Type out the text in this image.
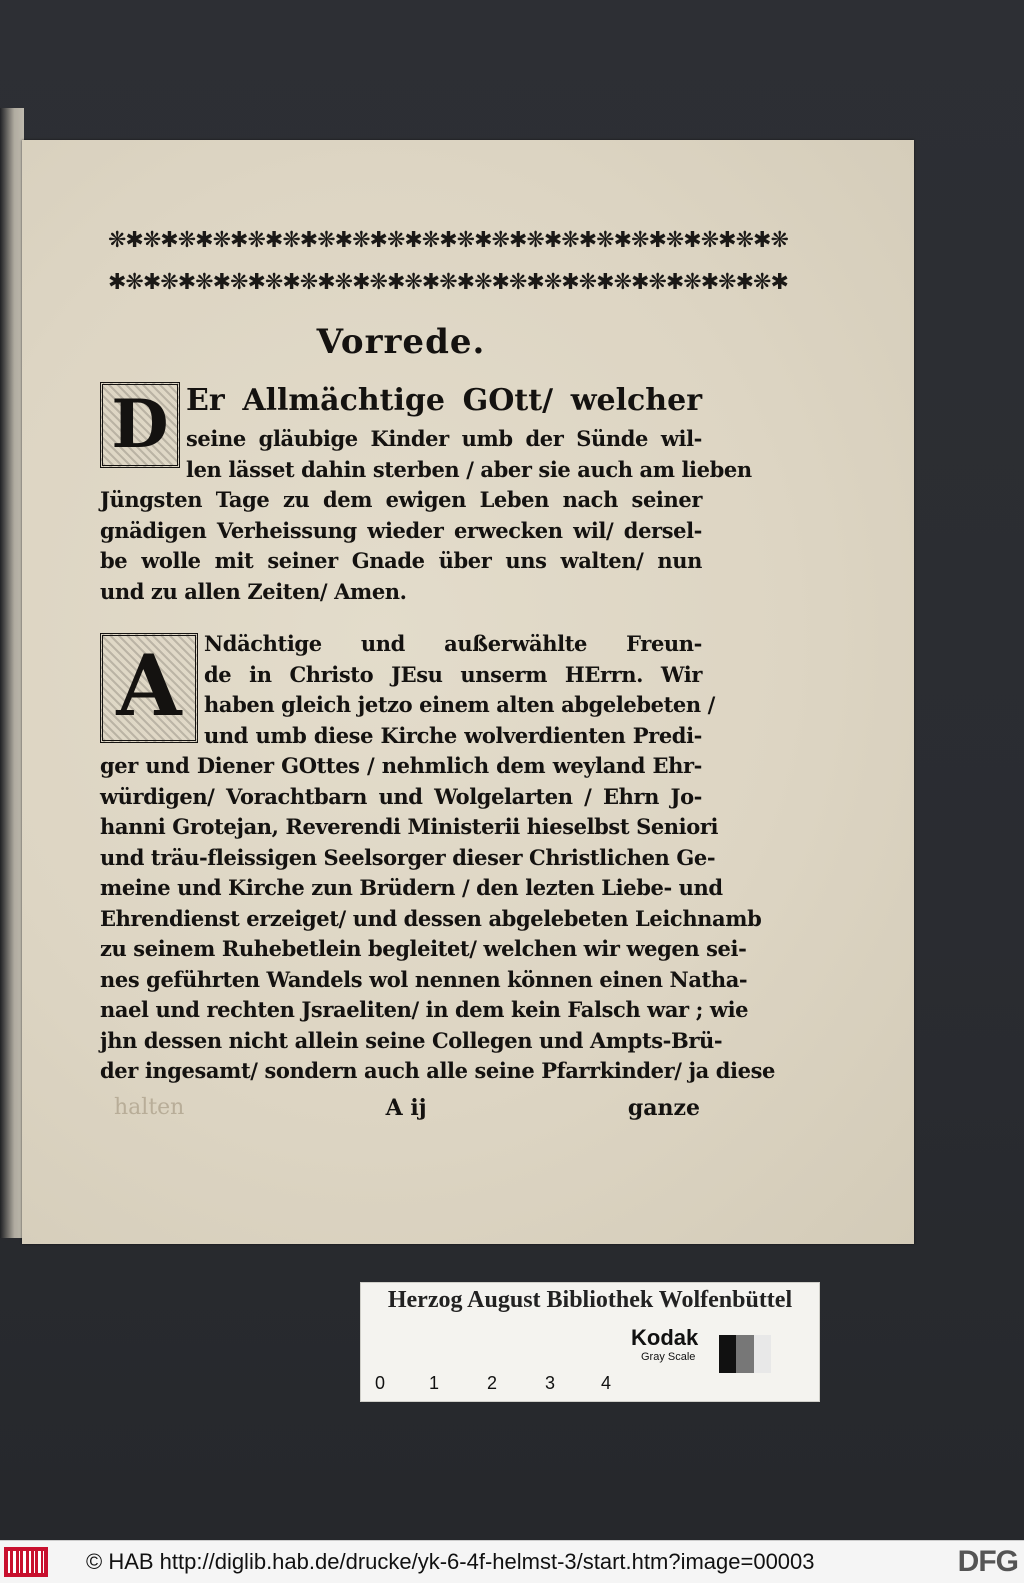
❋✱❋✱❋✱❋✱❋✱❋✱❋✱❋✱❋✱❋✱❋✱❋✱❋✱❋✱❋✱❋✱❋✱❋✱❋✱❋
✱❋✱❋✱❋✱❋✱❋✱❋✱❋✱❋✱❋✱❋✱❋✱❋✱❋✱❋✱❋✱❋✱❋✱❋✱❋✱
Vorrede.
D Er Allmächtige GOtt/ welcher

seine gläubige Kinder umb der Sünde wil-

len lässet dahin sterben / aber sie auch am lieben

Jüngsten Tage zu dem ewigen Leben nach seiner

gnädigen Verheissung wieder erwecken wil/ dersel-

be wolle mit seiner Gnade über uns walten/ nun

und zu allen Zeiten/ Amen.

A	Ndächtige und außerwählte Freun-

de in Christo JEsu unserm HErrn. Wir

haben gleich jetzo einem alten abgelebeten /

und umb diese Kirche wolverdienten Predi-

ger und Diener GOttes / nehmlich dem weyland Ehr-

würdigen/ Vorachtbarn und Wolgelarten / Ehrn Jo-

hanni Grotejan, Reverendi Ministerii hieselbst Seniori

und träu-fleissigen Seelsorger dieser Christlichen Ge-

meine und Kirche zun Brüdern / den lezten Liebe- und

Ehrendienst erzeiget/ und dessen abgelebeten Leichnamb

zu seinem Ruhebetlein begleitet/ welchen wir wegen sei-

nes geführten Wandels wol nennen können einen Natha-

nael und rechten Jsraeliten/ in dem kein Falsch war ; wie

jhn dessen nicht allein seine Collegen und Ampts-Brü-

der ingesamt/ sondern auch alle seine Pfarrkinder/ ja diese

halten	A ij	ganze
Herzog August Bibliothek Wolfenbüttel
0 1	2	3	4
Kodak
Gray Scale
© HAB http://diglib.hab.de/drucke/yk-6-4f-helmst-3/start.htm?image=00003	DFG
